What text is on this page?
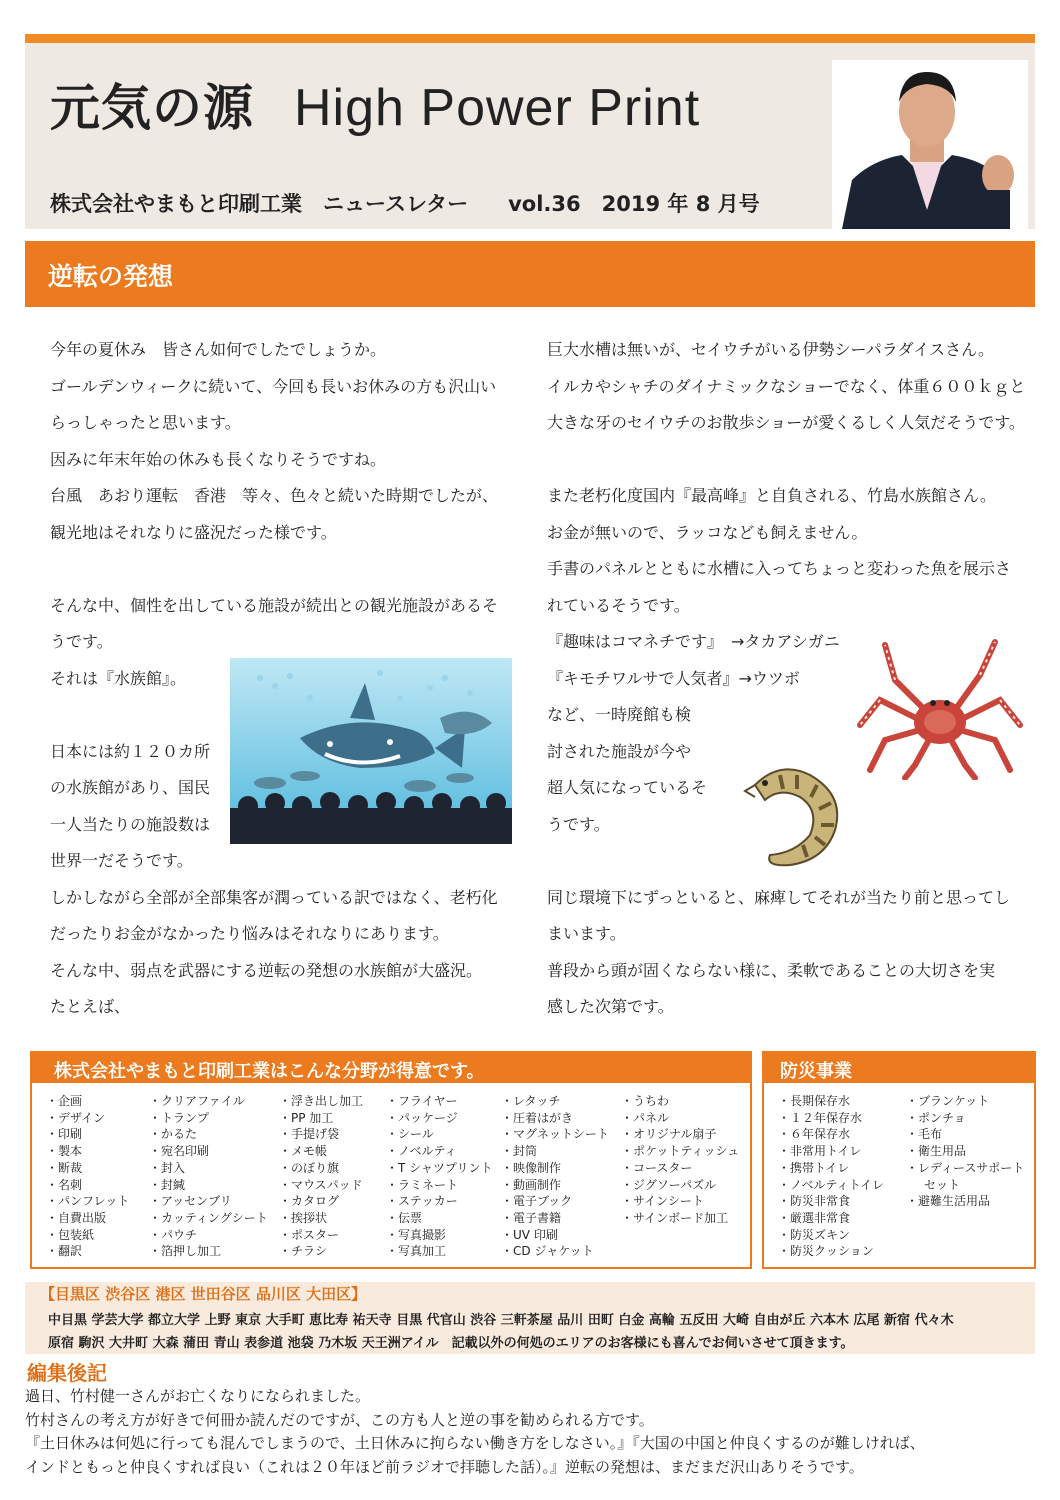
元気の源 High Power Print
株式会社やまもと印刷工業　ニュースレター vol.36　2019 年 8 月号
逆転の発想

今年の夏休み　皆さん如何でしたでしょうか。

ゴールデンウィークに続いて、今回も長いお休みの方も沢山い

らっしゃったと思います。

因みに年末年始の休みも長くなりそうですね。

台風　あおり運転　香港　等々、色々と続いた時期でしたが、

観光地はそれなりに盛況だった様です。

そんな中、個性を出している施設が続出との観光施設があるそ

うです。

それは『水族館』。

日本には約１２０カ所

の水族館があり、国民

一人当たりの施設数は

世界一だそうです。

しかしながら全部が全部集客が潤っている訳ではなく、老朽化

だったりお金がなかったり悩みはそれなりにあります。

そんな中、弱点を武器にする逆転の発想の水族館が大盛況。

たとえば、

巨大水槽は無いが、セイウチがいる伊勢シーパラダイスさん。

イルカやシャチのダイナミックなショーでなく、体重６００ｋｇと

大きな牙のセイウチのお散歩ショーが愛くるしく人気だそうです。

また老朽化度国内『最高峰』と自負される、竹島水族館さん。

お金が無いので、ラッコなども飼えません。

手書のパネルとともに水槽に入ってちょっと変わった魚を展示さ

れているそうです。

『趣味はコマネチです』　→タカアシガニ

『キモチワルサで人気者』→ウツボ

など、一時廃館も検

討された施設が今や

超人気になっているそ

うです。

同じ環境下にずっといると、麻痺してそれが当たり前と思ってし

まいます。

普段から頭が固くならない様に、柔軟であることの大切さを実

感した次第です。

株式会社やまもと印刷工業はこんな分野が得意です。
・ 企画
・ デザイン
・ 印刷
・ 製本
・ 断裁
・ 名刺
・ パンフレット
・ 自費出版
・ 包装紙
・ 翻訳
・ クリアファイル
・ トランプ
・ かるた
・ 宛名印刷
・ 封入
・ 封緘
・ アッセンブリ
・ カッティングシート
・ パウチ
・ 箔押し加工
・ 浮き出し加工
・ PP 加工
・ 手提げ袋
・ メモ帳
・ のぼり旗
・ マウスパッド
・ カタログ
・ 挨拶状
・ ポスター
・ チラシ
・ フライヤー
・ パッケージ
・ シール
・ ノベルティ
・ T シャツプリント
・ ラミネート
・ ステッカー
・ 伝票
・ 写真撮影
・ 写真加工
・ レタッチ
・ 圧着はがき
・ マグネットシート
・ 封筒
・ 映像制作
・ 動画制作
・ 電子ブック
・ 電子書籍
・ UV 印刷
・ CD ジャケット
・ うちわ
・ パネル
・ オリジナル扇子
・ ポケットティッシュ
・ コースター
・ ジグソーパズル
・ サインシート
・ サインボード加工
防災事業
・ 長期保存水
・ １２年保存水
・ ６年保存水
・ 非常用トイレ
・ 携帯トイレ
・ ノベルティトイレ
・ 防災非常食
・ 厳選非常食
・ 防災ズキン
・ 防災クッション
・ ブランケット
・ ポンチョ
・ 毛布
・ 衛生用品
・ レディースサポート
セット
・ 避難生活用品
【目黒区 渋谷区 港区 世田谷区 品川区 大田区】
中目黒 学芸大学 都立大学 上野 東京 大手町 恵比寿 祐天寺 目黒 代官山 渋谷 三軒茶屋 品川 田町 白金 高輪 五反田 大崎 自由が丘 六本木 広尾 新宿 代々木
原宿 駒沢 大井町 大森 蒲田 青山 表参道 池袋 乃木坂 天王洲アイル　記載以外の何処のエリアのお客様にも喜んでお伺いさせて頂きます。
編集後記

過日、竹村健一さんがお亡くなりになられました。

竹村さんの考え方が好きで何冊か読んだのですが、この方も人と逆の事を勧められる方です。

『土日休みは何処に行っても混んでしまうので、土日休みに拘らない働き方をしなさい。』『大国の中国と仲良くするのが難しければ、

インドともっと仲良くすれば良い（これは２０年ほど前ラジオで拝聴した話）。』逆転の発想は、まだまだ沢山ありそうです。
